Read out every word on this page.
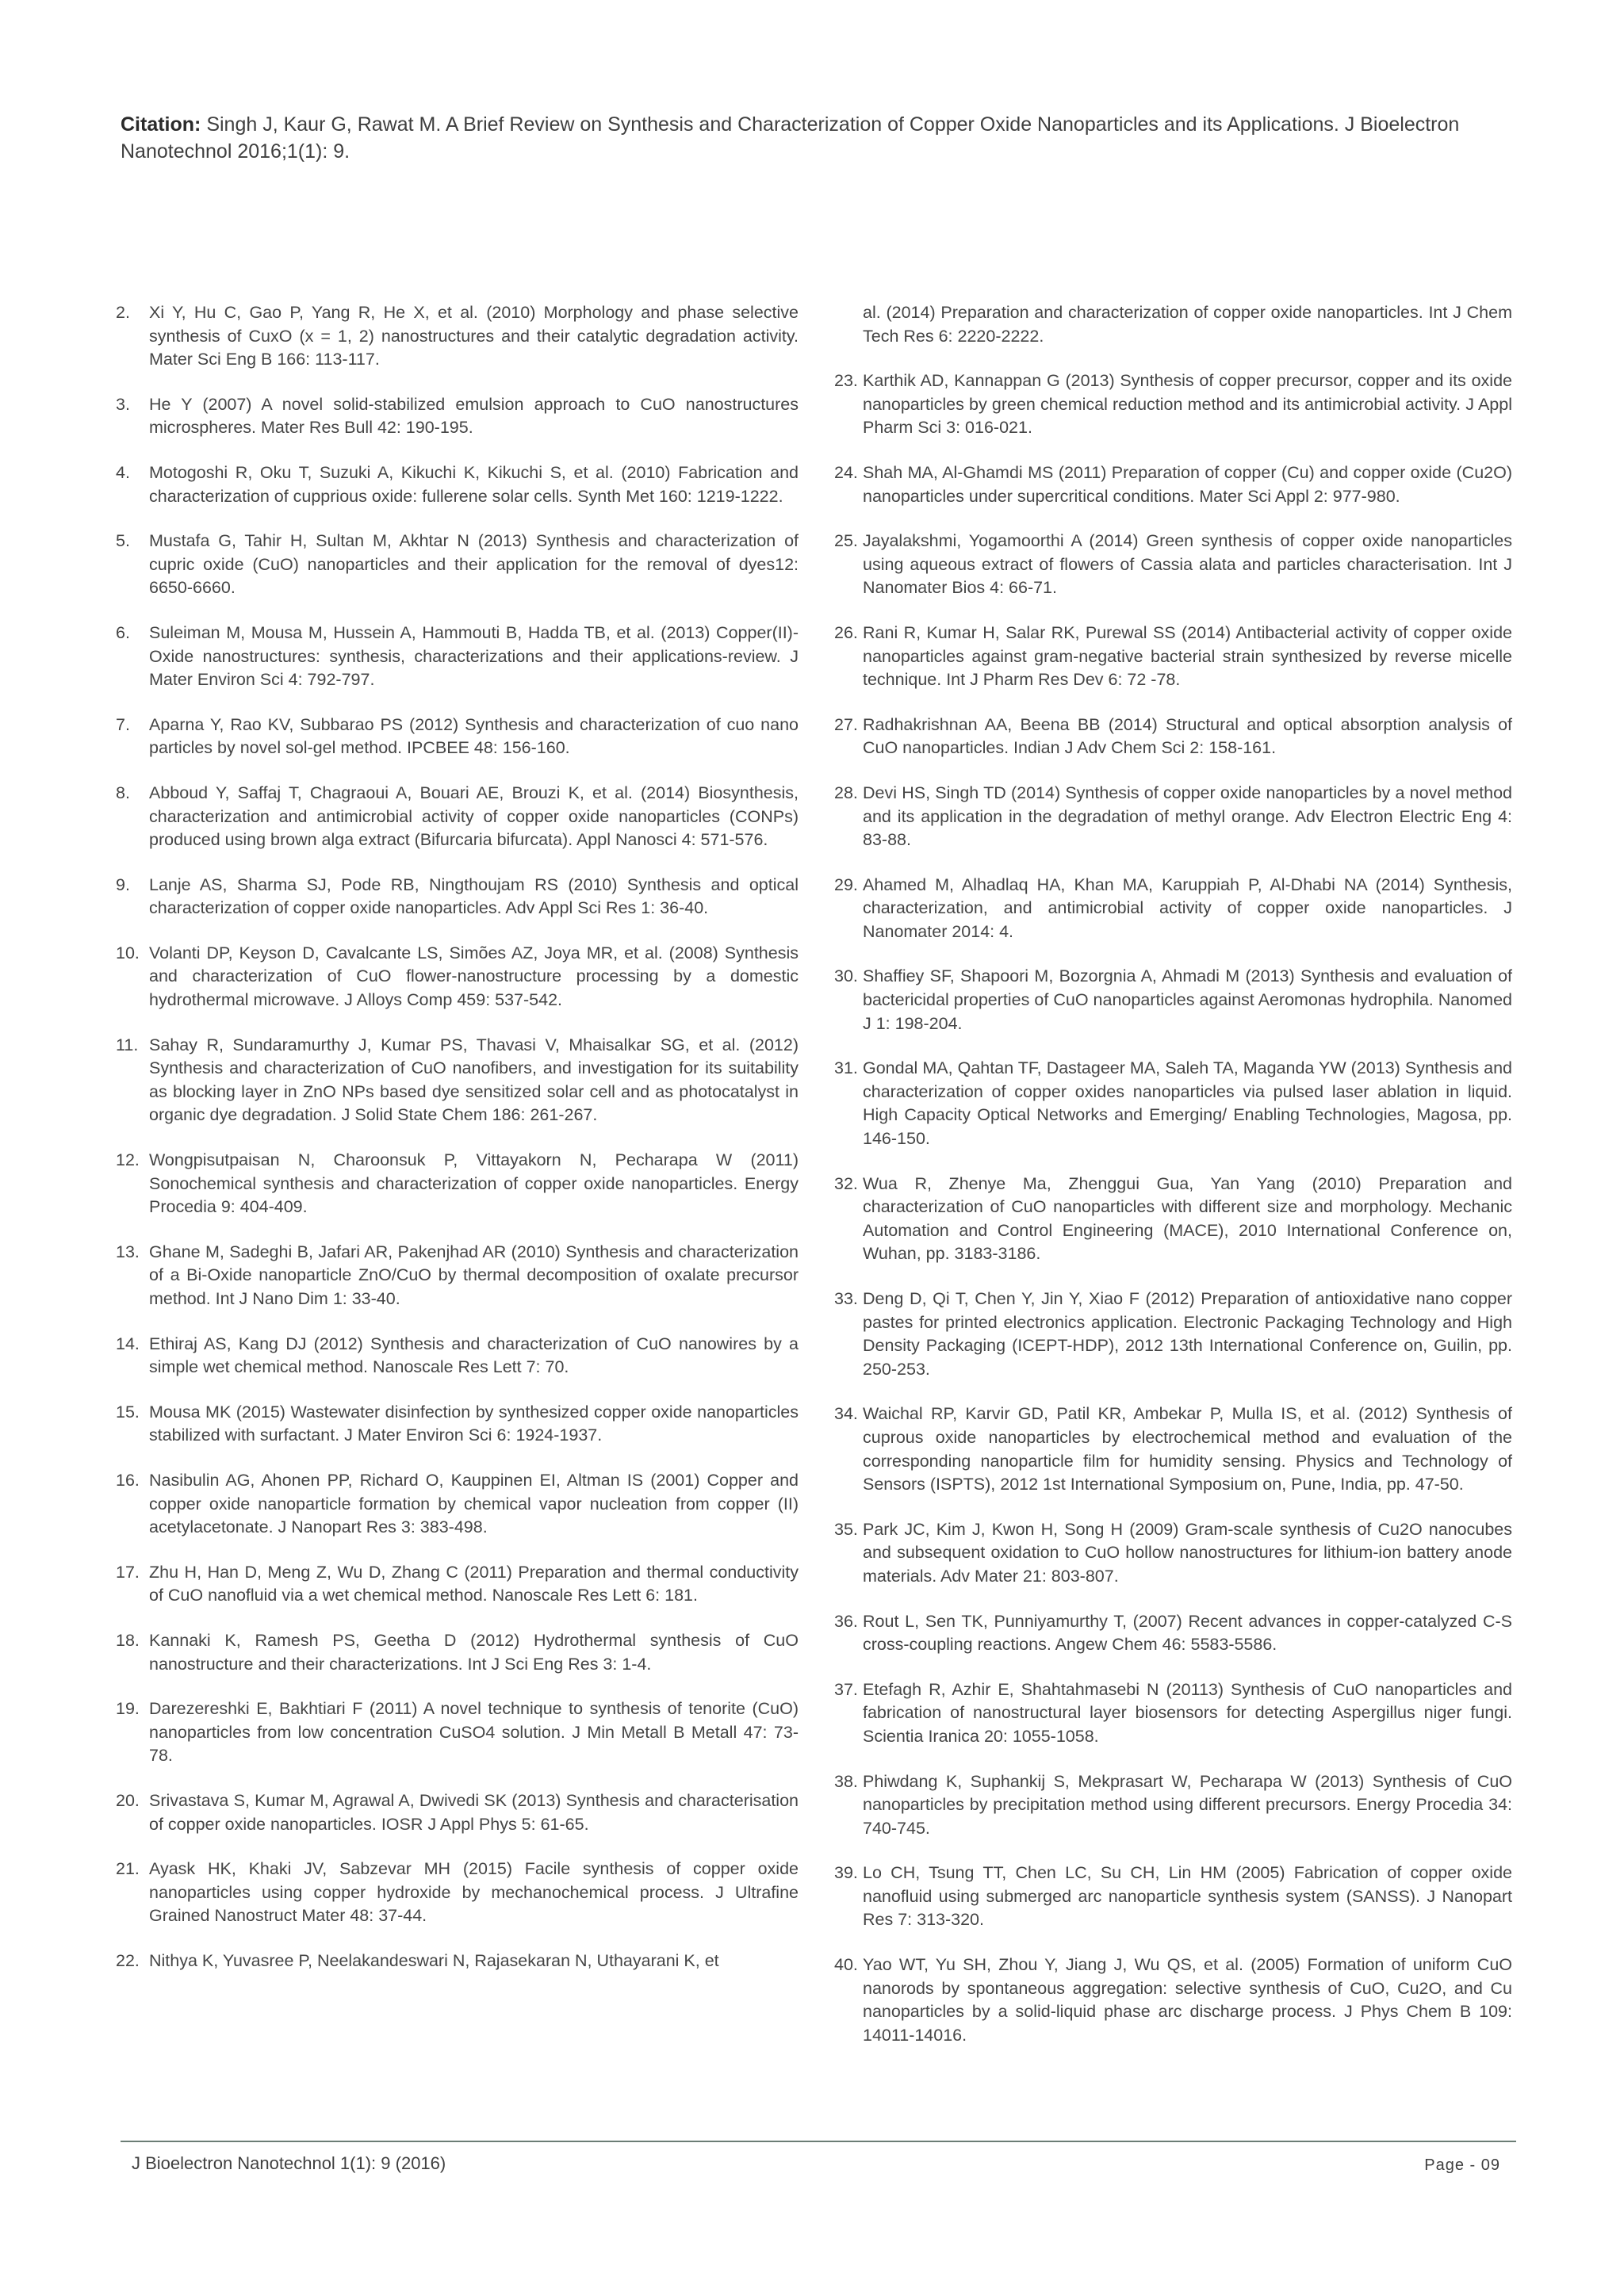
Citation: Singh J, Kaur G, Rawat M. A Brief Review on Synthesis and Characterization of Copper Oxide Nanoparticles and its Applications. J Bioelectron Nanotechnol 2016;1(1): 9.
2. Xi Y, Hu C, Gao P, Yang R, He X, et al. (2010) Morphology and phase selective synthesis of CuxO (x = 1, 2) nanostructures and their catalytic degradation activity. Mater Sci Eng B 166: 113-117.
3. He Y (2007) A novel solid-stabilized emulsion approach to CuO nanostructures microspheres. Mater Res Bull 42: 190-195.
4. Motogoshi R, Oku T, Suzuki A, Kikuchi K, Kikuchi S, et al. (2010) Fabrication and characterization of cupprious oxide: fullerene solar cells. Synth Met 160: 1219-1222.
5. Mustafa G, Tahir H, Sultan M, Akhtar N (2013) Synthesis and characterization of cupric oxide (CuO) nanoparticles and their application for the removal of dyes12: 6650-6660.
6. Suleiman M, Mousa M, Hussein A, Hammouti B, Hadda TB, et al. (2013) Copper(II)-Oxide nanostructures: synthesis, characterizations and their applications-review. J Mater Environ Sci 4: 792-797.
7. Aparna Y, Rao KV, Subbarao PS (2012) Synthesis and characterization of cuo nano particles by novel sol-gel method. IPCBEE 48: 156-160.
8. Abboud Y, Saffaj T, Chagraoui A, Bouari AE, Brouzi K, et al. (2014) Biosynthesis, characterization and antimicrobial activity of copper oxide nanoparticles (CONPs) produced using brown alga extract (Bifurcaria bifurcata). Appl Nanosci 4: 571-576.
9. Lanje AS, Sharma SJ, Pode RB, Ningthoujam RS (2010) Synthesis and optical characterization of copper oxide nanoparticles. Adv Appl Sci Res 1: 36-40.
10. Volanti DP, Keyson D, Cavalcante LS, Simões AZ, Joya MR, et al. (2008) Synthesis and characterization of CuO flower-nanostructure processing by a domestic hydrothermal microwave. J Alloys Comp 459: 537-542.
11. Sahay R, Sundaramurthy J, Kumar PS, Thavasi V, Mhaisalkar SG, et al. (2012) Synthesis and characterization of CuO nanofibers, and investigation for its suitability as blocking layer in ZnO NPs based dye sensitized solar cell and as photocatalyst in organic dye degradation. J Solid State Chem 186: 261-267.
12. Wongpisutpaisan N, Charoonsuk P, Vittayakorn N, Pecharapa W (2011) Sonochemical synthesis and characterization of copper oxide nanoparticles. Energy Procedia 9: 404-409.
13. Ghane M, Sadeghi B, Jafari AR, Pakenjhad AR (2010) Synthesis and characterization of a Bi-Oxide nanoparticle ZnO/CuO by thermal decomposition of oxalate precursor method. Int J Nano Dim 1: 33-40.
14. Ethiraj AS, Kang DJ (2012) Synthesis and characterization of CuO nanowires by a simple wet chemical method. Nanoscale Res Lett 7: 70.
15. Mousa MK (2015) Wastewater disinfection by synthesized copper oxide nanoparticles stabilized with surfactant. J Mater Environ Sci 6: 1924-1937.
16. Nasibulin AG, Ahonen PP, Richard O, Kauppinen EI, Altman IS (2001) Copper and copper oxide nanoparticle formation by chemical vapor nucleation from copper (II) acetylacetonate. J Nanopart Res 3: 383-498.
17. Zhu H, Han D, Meng Z, Wu D, Zhang C (2011) Preparation and thermal conductivity of CuO nanofluid via a wet chemical method. Nanoscale Res Lett 6: 181.
18. Kannaki K, Ramesh PS, Geetha D (2012) Hydrothermal synthesis of CuO nanostructure and their characterizations. Int J Sci Eng Res 3: 1-4.
19. Darezereshki E, Bakhtiari F (2011) A novel technique to synthesis of tenorite (CuO) nanoparticles from low concentration CuSO4 solution. J Min Metall B Metall 47: 73-78.
20. Srivastava S, Kumar M, Agrawal A, Dwivedi SK (2013) Synthesis and characterisation of copper oxide nanoparticles. IOSR J Appl Phys 5: 61-65.
21. Ayask HK, Khaki JV, Sabzevar MH (2015) Facile synthesis of copper oxide nanoparticles using copper hydroxide by mechanochemical process. J Ultrafine Grained Nanostruct Mater 48: 37-44.
22. Nithya K, Yuvasree P, Neelakandeswari N, Rajasekaran N, Uthayarani K, et
al. (2014) Preparation and characterization of copper oxide nanoparticles. Int J Chem Tech Res 6: 2220-2222.
23. Karthik AD, Kannappan G (2013) Synthesis of copper precursor, copper and its oxide nanoparticles by green chemical reduction method and its antimicrobial activity. J Appl Pharm Sci 3: 016-021.
24. Shah MA, Al-Ghamdi MS (2011) Preparation of copper (Cu) and copper oxide (Cu2O) nanoparticles under supercritical conditions. Mater Sci Appl 2: 977-980.
25. Jayalakshmi, Yogamoorthi A (2014) Green synthesis of copper oxide nanoparticles using aqueous extract of flowers of Cassia alata and particles characterisation. Int J Nanomater Bios 4: 66-71.
26. Rani R, Kumar H, Salar RK, Purewal SS (2014) Antibacterial activity of copper oxide nanoparticles against gram-negative bacterial strain synthesized by reverse micelle technique. Int J Pharm Res Dev 6: 72 -78.
27. Radhakrishnan AA, Beena BB (2014) Structural and optical absorption analysis of CuO nanoparticles. Indian J Adv Chem Sci 2: 158-161.
28. Devi HS, Singh TD (2014) Synthesis of copper oxide nanoparticles by a novel method and its application in the degradation of methyl orange. Adv Electron Electric Eng 4: 83-88.
29. Ahamed M, Alhadlaq HA, Khan MA, Karuppiah P, Al-Dhabi NA (2014) Synthesis, characterization, and antimicrobial activity of copper oxide nanoparticles. J Nanomater 2014: 4.
30. Shaffiey SF, Shapoori M, Bozorgnia A, Ahmadi M (2013) Synthesis and evaluation of bactericidal properties of CuO nanoparticles against Aeromonas hydrophila. Nanomed J 1: 198-204.
31. Gondal MA, Qahtan TF, Dastageer MA, Saleh TA, Maganda YW (2013) Synthesis and characterization of copper oxides nanoparticles via pulsed laser ablation in liquid. High Capacity Optical Networks and Emerging/ Enabling Technologies, Magosa, pp. 146-150.
32. Wua R, Zhenye Ma, Zhenggui Gua, Yan Yang (2010) Preparation and characterization of CuO nanoparticles with different size and morphology. Mechanic Automation and Control Engineering (MACE), 2010 International Conference on, Wuhan, pp. 3183-3186.
33. Deng D, Qi T, Chen Y, Jin Y, Xiao F (2012) Preparation of antioxidative nano copper pastes for printed electronics application. Electronic Packaging Technology and High Density Packaging (ICEPT-HDP), 2012 13th International Conference on, Guilin, pp. 250-253.
34. Waichal RP, Karvir GD, Patil KR, Ambekar P, Mulla IS, et al. (2012) Synthesis of cuprous oxide nanoparticles by electrochemical method and evaluation of the corresponding nanoparticle film for humidity sensing. Physics and Technology of Sensors (ISPTS), 2012 1st International Symposium on, Pune, India, pp. 47-50.
35. Park JC, Kim J, Kwon H, Song H (2009) Gram-scale synthesis of Cu2O nanocubes and subsequent oxidation to CuO hollow nanostructures for lithium-ion battery anode materials. Adv Mater 21: 803-807.
36. Rout L, Sen TK, Punniyamurthy T, (2007) Recent advances in copper-catalyzed C-S cross-coupling reactions. Angew Chem 46: 5583-5586.
37. Etefagh R, Azhir E, Shahtahmasebi N (20113) Synthesis of CuO nanoparticles and fabrication of nanostructural layer biosensors for detecting Aspergillus niger fungi. Scientia Iranica 20: 1055-1058.
38. Phiwdang K, Suphankij S, Mekprasart W, Pecharapa W (2013) Synthesis of CuO nanoparticles by precipitation method using different precursors. Energy Procedia 34: 740-745.
39. Lo CH, Tsung TT, Chen LC, Su CH, Lin HM (2005) Fabrication of copper oxide nanofluid using submerged arc nanoparticle synthesis system (SANSS). J Nanopart Res 7: 313-320.
40. Yao WT, Yu SH, Zhou Y, Jiang J, Wu QS, et al. (2005) Formation of uniform CuO nanorods by spontaneous aggregation: selective synthesis of CuO, Cu2O, and Cu nanoparticles by a solid-liquid phase arc discharge process. J Phys Chem B 109: 14011-14016.
J Bioelectron Nanotechnol 1(1): 9 (2016)	Page - 09
